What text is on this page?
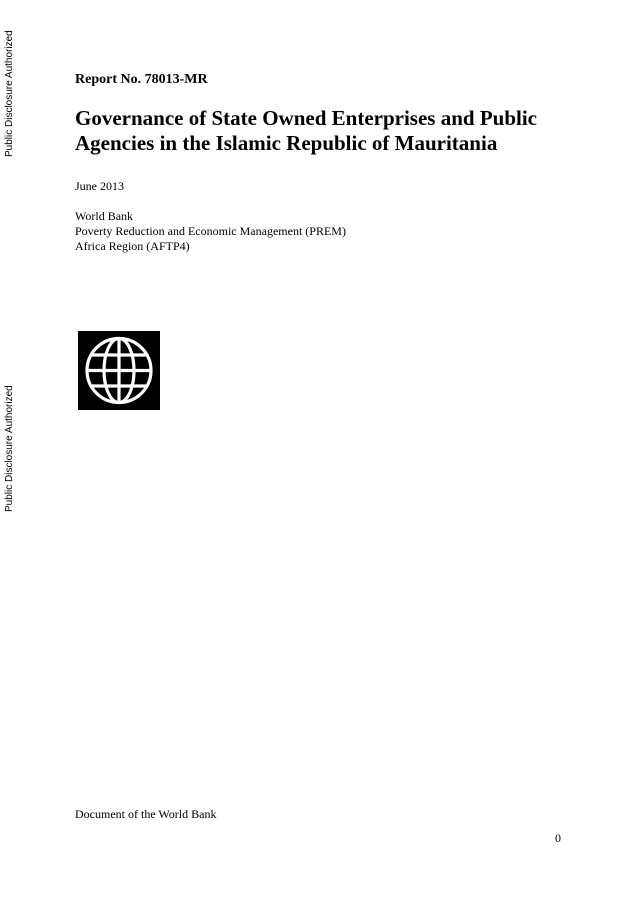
Public Disclosure Authorized
Public Disclosure Authorized

Report No. 78013-MR

Governance of State Owned Enterprises and Public
Agencies in the Islamic Republic of Mauritania

June 2013

World Bank
Poverty Reduction and Economic Management (PREM)
Africa Region (AFTP4)

Document of the World Bank

0
